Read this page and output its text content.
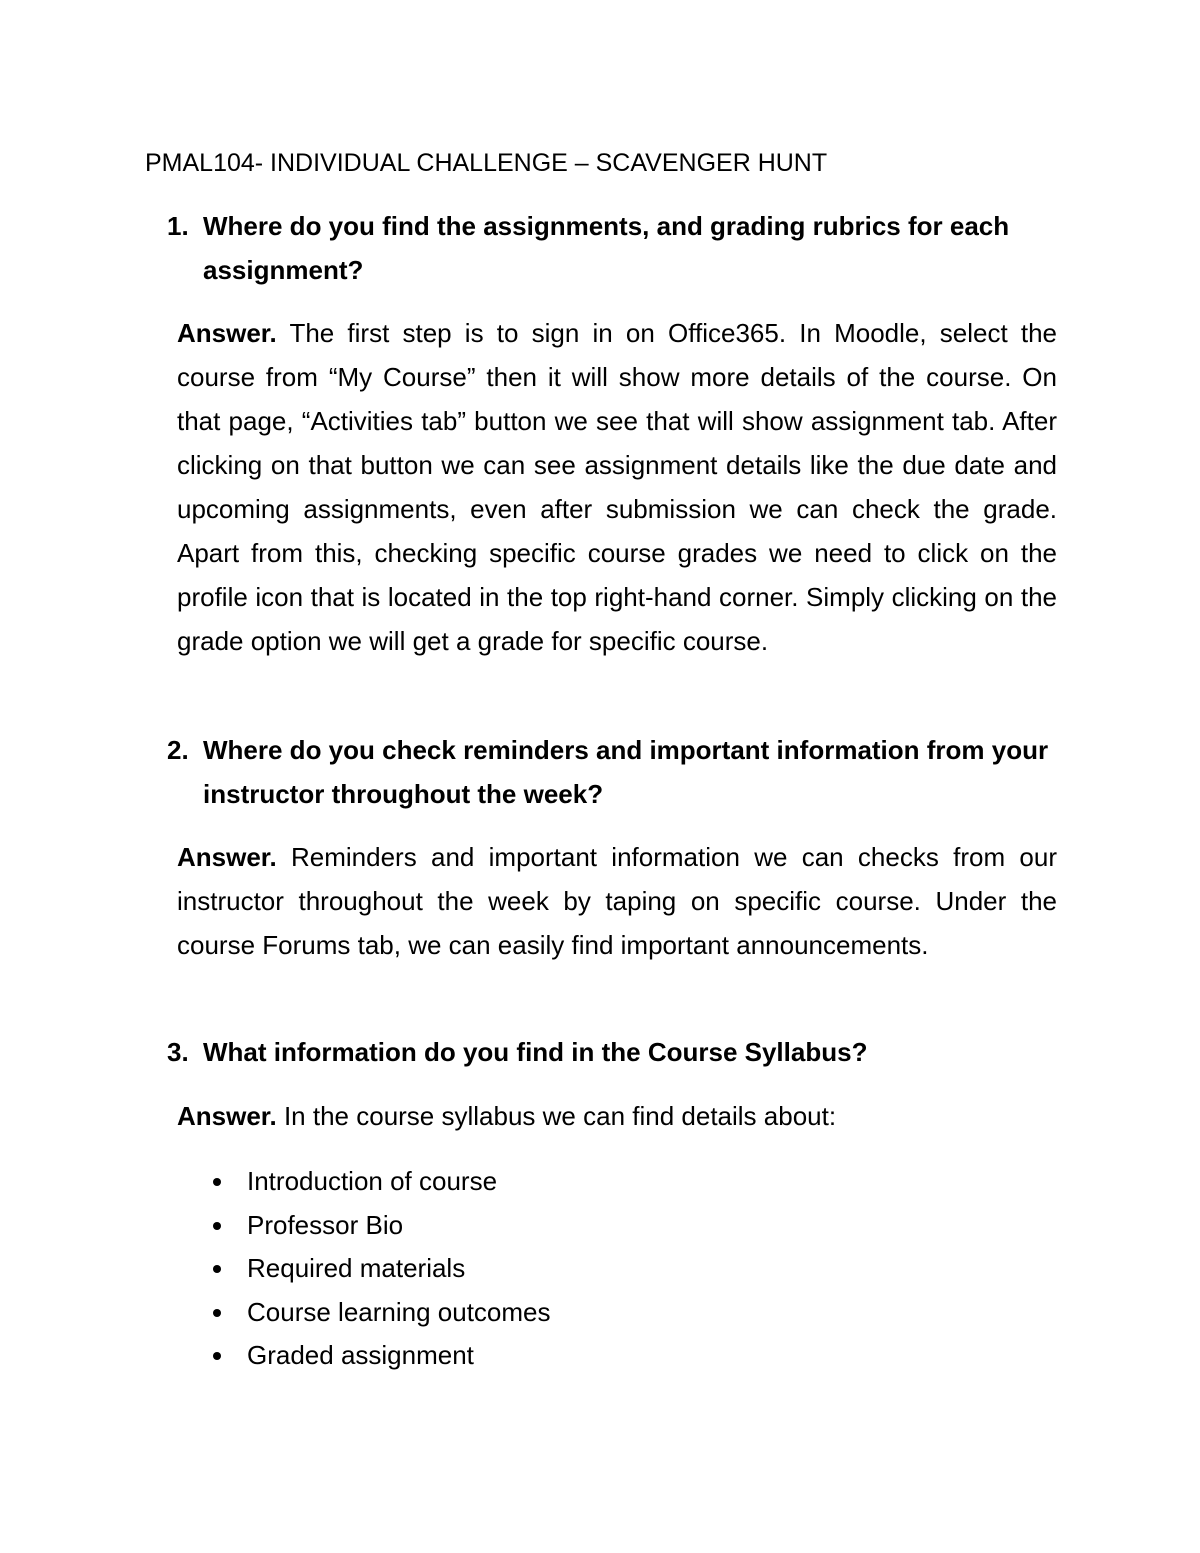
PMAL104- INDIVIDUAL CHALLENGE – SCAVENGER HUNT
1. Where do you find the assignments, and grading rubrics for each assignment?
Answer. The first step is to sign in on Office365. In Moodle, select the course from “My Course” then it will show more details of the course. On that page, “Activities tab” button we see that will show assignment tab. After clicking on that button we can see assignment details like the due date and upcoming assignments, even after submission we can check the grade. Apart from this, checking specific course grades we need to click on the profile icon that is located in the top right-hand corner. Simply clicking on the grade option we will get a grade for specific course.
2. Where do you check reminders and important information from your instructor throughout the week?
Answer. Reminders and important information we can checks from our instructor throughout the week by taping on specific course. Under the course Forums tab, we can easily find important announcements.
3. What information do you find in the Course Syllabus?
Answer. In the course syllabus we can find details about:
Introduction of course
Professor Bio
Required materials
Course learning outcomes
Graded assignment
